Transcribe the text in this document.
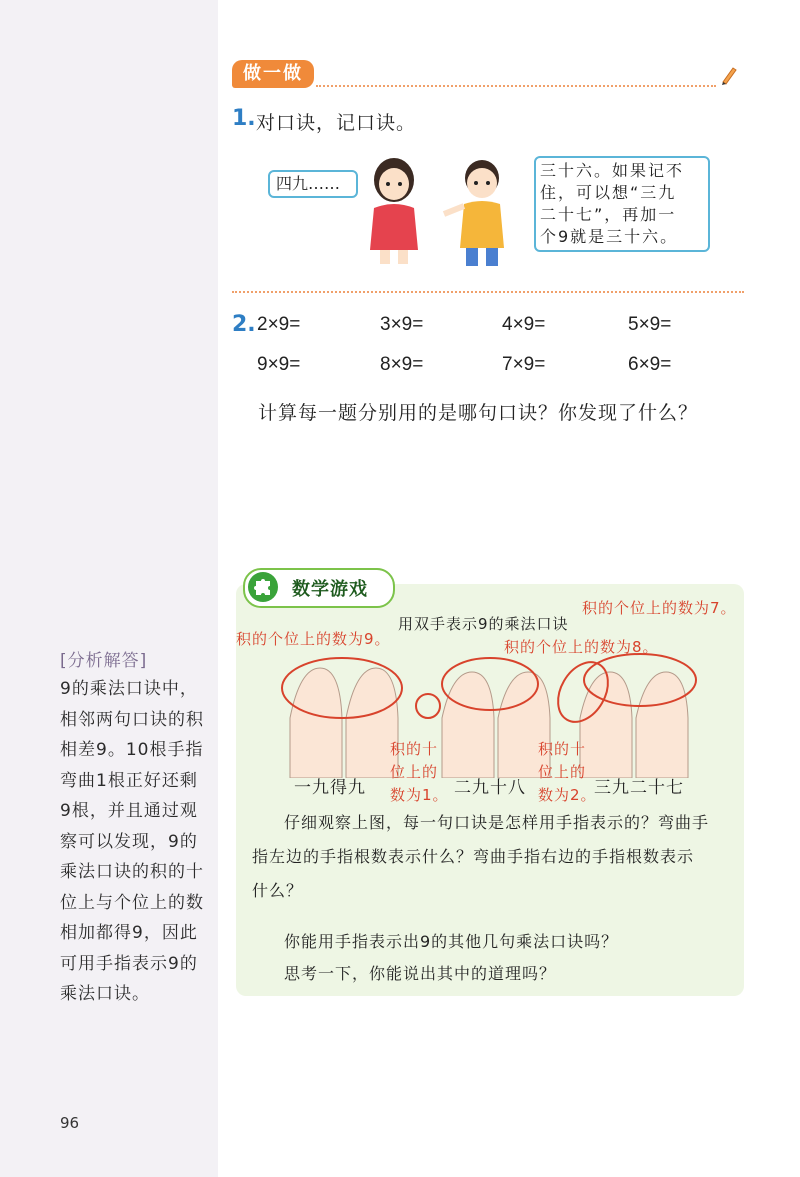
[分析解答]
9的乘法口诀中，
相邻两句口诀的积
相差9。10根手指
弯曲1根正好还剩
9根，并且通过观
察可以发现，9的
乘法口诀的积的十
位上与个位上的数
相加都得9，因此
可用手指表示9的
乘法口诀。
96
做一做
1. 对口诀，记口诀。
四九……
三十六。如果记不
住，可以想“三九
二十七”，再加一
个9就是三十六。
2. 2×9=	3×9=	4×9=	5×9=
9×9=	8×9=	7×9=	6×9=
计算每一题分别用的是哪句口诀？你发现了什么？
数学游戏
积的个位上的数为7。
用双手表示9的乘法口诀
积的个位上的数为9。	积的个位上的数为8。
积的十
位上的
数为1。
积的十
位上的
数为2。
一九得九	二九十八	三九二十七
仔细观察上图，每一句口诀是怎样用手指表示的？弯曲手
指左边的手指根数表示什么？弯曲手指右边的手指根数表示
什么？
你能用手指表示出9的其他几句乘法口诀吗？
思考一下，你能说出其中的道理吗？
